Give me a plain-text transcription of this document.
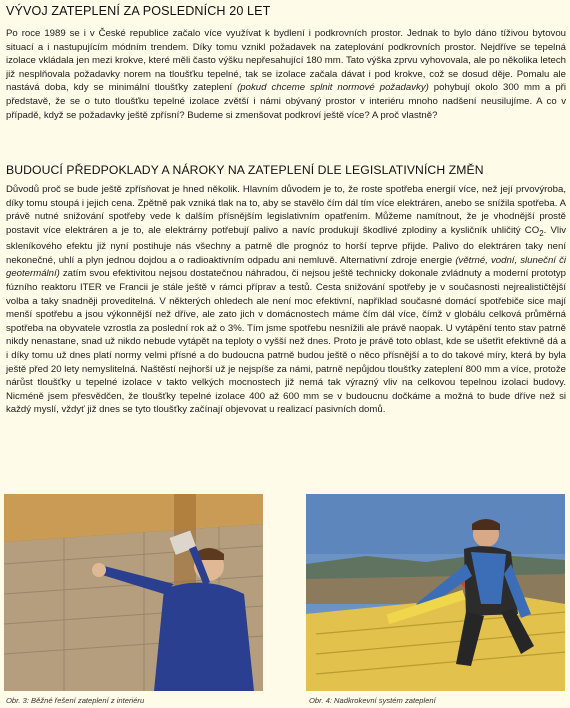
VÝVOJ ZATEPLENÍ ZA POSLEDNÍCH 20 LET

Po roce 1989 se i v České republice začalo více využívat k bydlení i podkrovních prostor. Jednak to bylo dáno tíživou bytovou situací a i nastupujícím módním trendem. Díky tomu vznikl požadavek na zateplování podkrovních prostor. Nejdříve se tepelná izolace vkládala jen mezi krokve, které měli často výšku nepřesahující 180 mm. Tato výška zprvu vyhovovala, ale po několika letech již nesplňovala požadavky norem na tloušťku tepelné, tak se izolace začala dávat i pod krokve, což se dosud děje. Pomalu ale nastává doba, kdy se minimální tloušťky zateplení (pokud chceme splnit normové požadavky) pohybují okolo 300 mm a při představě, že se o tuto tloušťku tepelné izolace zvětší i námi obývaný prostor v interiéru mnoho nadšení neusilujíme. A co v případě, když se požadavky ještě zpřísní? Budeme si zmenšovat podkroví ještě více? A proč vlastně?

BUDOUCÍ PŘEDPOKLADY A NÁROKY NA ZATEPLENÍ DLE LEGISLATIVNÍCH ZMĚN

Důvodů proč se bude ještě zpřísňovat je hned několik. Hlavním důvodem je to, že roste spotřeba energií více, než její prvovýroba, díky tomu stoupá i jejich cena. Zpětně pak vzniká tlak na to, aby se stavělo čím dál tím více elektráren, anebo se snížila spotřeba. A právě nutné snižování spotřeby vede k dalším přísnějším legislativním opatřením. Můžeme namítnout, že je vhodnější prostě postavit více elektráren a je to, ale elektrárny potřebují palivo a navíc produkují škodlivé zplodiny a kysličník uhličitý $CO_2$. Vliv skleníkového efektu již nyní postihuje nás všechny a patrně dle prognóz to horší teprve přijde. Palivo do elektráren taky není nekonečné, uhlí a plyn jednou dojdou a o radioaktivním odpadu ani nemluvě. Alternativní zdroje energie (větrné, vodní, sluneční či geotermální) zatím svou efektivitou nejsou dostatečnou náhradou, či nejsou ještě technicky dokonale zvládnuty a moderní prototyp fúzního reaktoru ITER ve Francii je stále ještě v rámci příprav a testů. Cesta snižování spotřeby je v současnosti nejrealističtější volba a taky snadněji proveditelná. V některých ohledech ale není moc efektivní, například současné domácí spotřebiče sice mají menší spotřebu a jsou výkonnější než dříve, ale zato jich v domácnostech máme čím dál více, čímž v globálu celková průměrná spotřeba na obyvatele vzrostla za poslední rok až o 3%. Tím jsme spotřebu nesnížili ale právě naopak. U vytápění tento stav patrně nikdy nenastane, snad už nikdo nebude vytápět na teploty o vyšší než dnes. Proto je právě toto oblast, kde se ušetřit efektivně dá a i díky tomu už dnes platí normy velmi přísné a do budoucna patrně budou ještě o něco přísnější a to do takové míry, která by byla ještě před 20 lety nemyslitelná. Naštěstí nejhorší už je nejspíše za námi, patrně nepůjdou tloušťky zateplení 800 mm a více, protože nárůst tloušťky u tepelné izolace v takto velkých mocnostech již nemá tak výrazný vliv na celkovou tepelnou izolaci budovy. Nicméně jsem přesvědčen, že tloušťky tepelné izolace 400 až 600 mm se v budoucnu dočkáme a možná to bude dříve než si každý myslí, vždyť již dnes se tyto tloušťky začínají objevovat u realizací pasivních domů.

Obr. 3: Běžné řešení zateplení z interiéru	Obr. 4: Nadkrokevní systém zateplení
